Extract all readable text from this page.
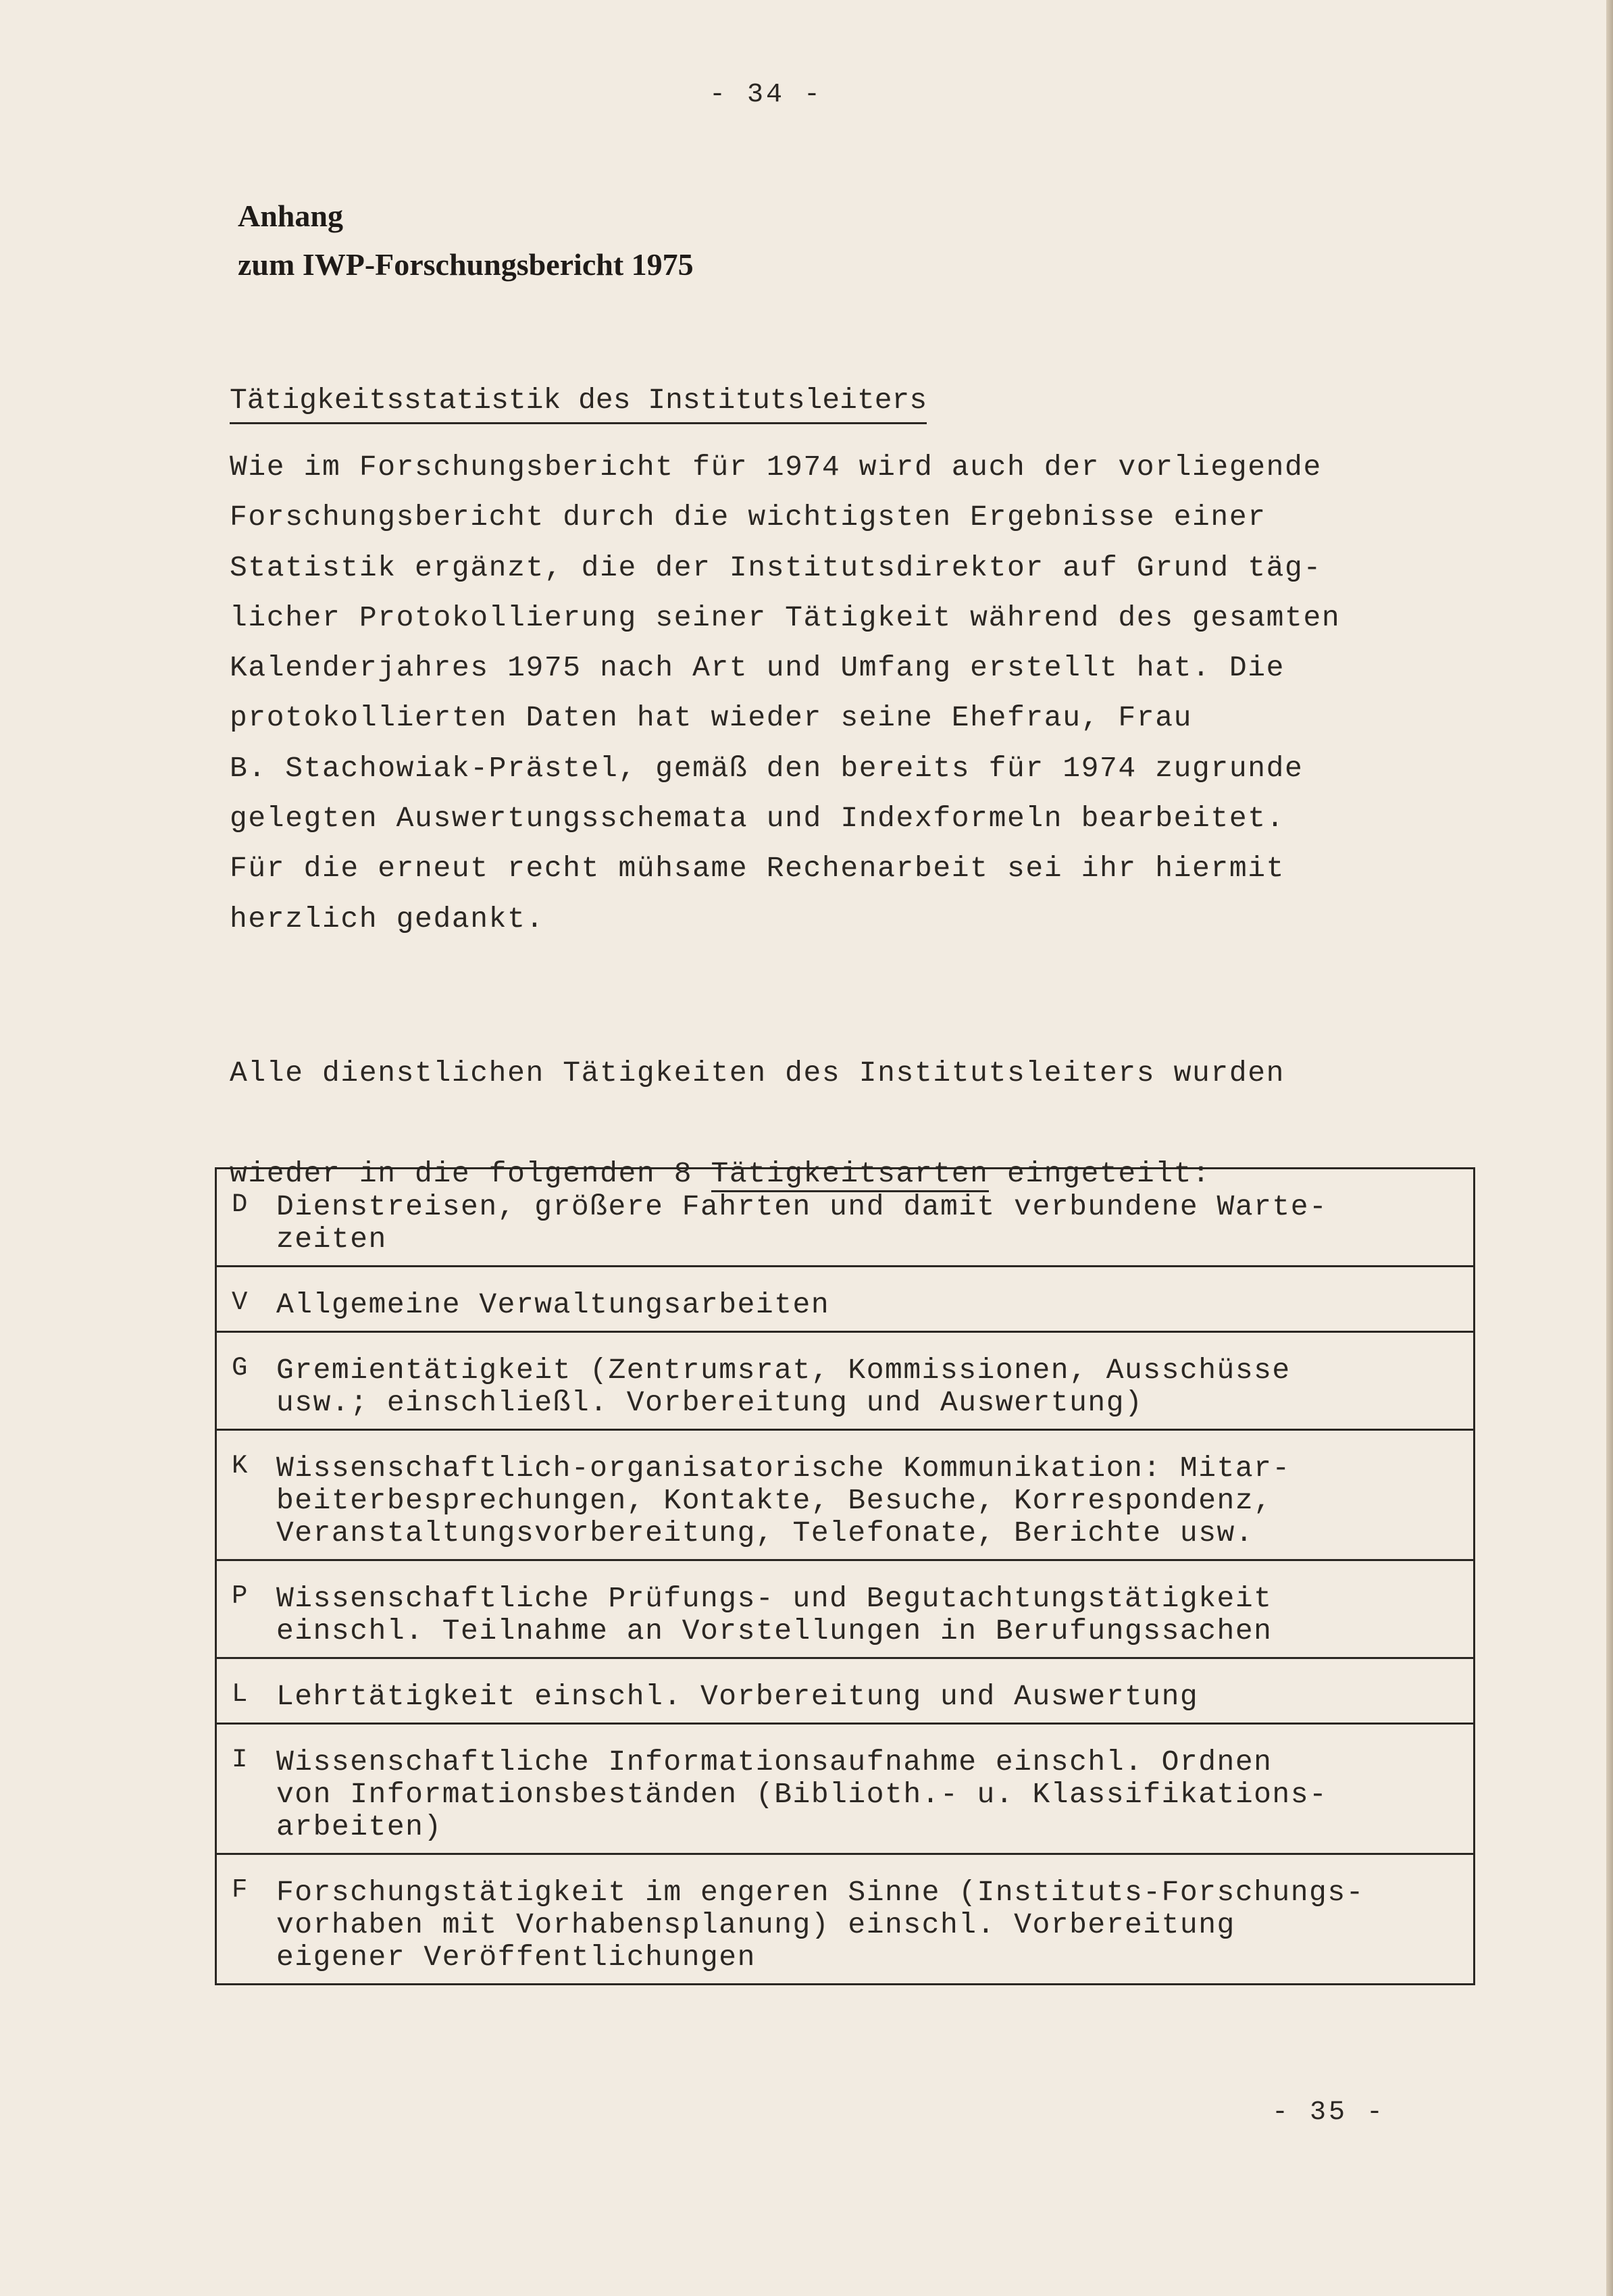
- 34 -
Anhang
zum IWP-Forschungsbericht 1975
Tätigkeitsstatistik des Institutsleiters
Wie im Forschungsbericht für 1974 wird auch der vorliegende
Forschungsbericht durch die wichtigsten Ergebnisse einer
Statistik ergänzt, die der Institutsdirektor auf Grund täg-
licher Protokollierung seiner Tätigkeit während des gesamten
Kalenderjahres 1975 nach Art und Umfang erstellt hat. Die
protokollierten Daten hat wieder seine Ehefrau, Frau
B. Stachowiak-Prästel, gemäß den bereits für 1974 zugrunde
gelegten Auswertungsschemata und Indexformeln bearbeitet.
Für die erneut recht mühsame Rechenarbeit sei ihr hiermit
herzlich gedankt.

Alle dienstlichen Tätigkeiten des Institutsleiters wurden

wieder in die folgenden 8 Tätigkeitsarten eingeteilt:

D Dienstreisen, größere Fahrten und damit verbundene Warte-
zeiten
V Allgemeine Verwaltungsarbeiten
G Gremientätigkeit (Zentrumsrat, Kommissionen, Ausschüsse
usw.; einschließl. Vorbereitung und Auswertung)
K Wissenschaftlich-organisatorische Kommunikation: Mitar-
beiterbesprechungen, Kontakte, Besuche, Korrespondenz,
Veranstaltungsvorbereitung, Telefonate, Berichte usw.
P Wissenschaftliche Prüfungs- und Begutachtungstätigkeit
einschl. Teilnahme an Vorstellungen in Berufungssachen
L Lehrtätigkeit einschl. Vorbereitung und Auswertung
I Wissenschaftliche Informationsaufnahme einschl. Ordnen
von Informationsbeständen (Biblioth.- u. Klassifikations-
arbeiten)
F Forschungstätigkeit im engeren Sinne (Instituts-Forschungs-
vorhaben mit Vorhabensplanung) einschl. Vorbereitung
eigener Veröffentlichungen
- 35 -
